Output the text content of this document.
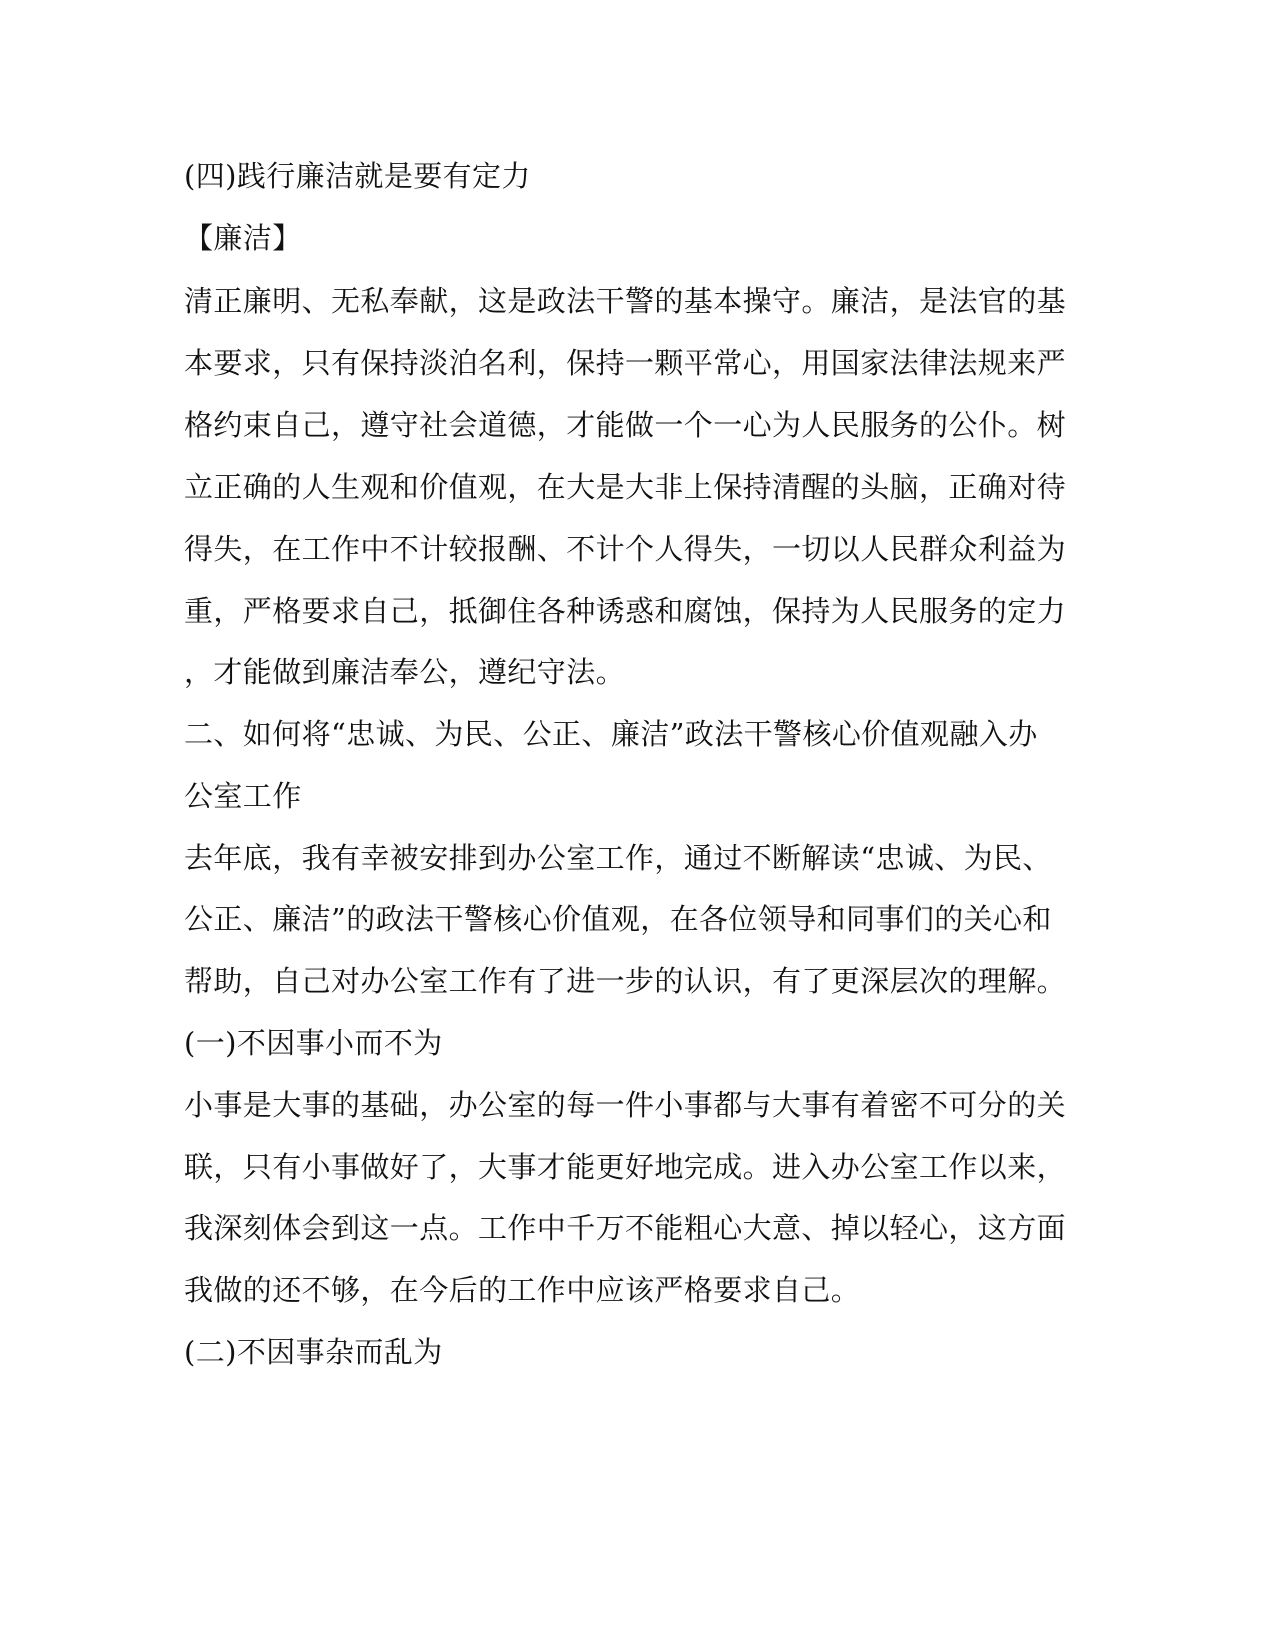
(四)践行廉洁就是要有定力
【廉洁】
清正廉明、无私奉献，这是政法干警的基本操守。廉洁，是法官的基
本要求，只有保持淡泊名利，保持一颗平常心，用国家法律法规来严
格约束自己，遵守社会道德，才能做一个一心为人民服务的公仆。树
立正确的人生观和价值观，在大是大非上保持清醒的头脑，正确对待
得失，在工作中不计较报酬、不计个人得失，一切以人民群众利益为
重，严格要求自己，抵御住各种诱惑和腐蚀，保持为人民服务的定力
，才能做到廉洁奉公，遵纪守法。
二、如何将“忠诚、为民、公正、廉洁”政法干警核心价值观融入办
公室工作
去年底，我有幸被安排到办公室工作，通过不断解读“忠诚、为民、
公正、廉洁”的政法干警核心价值观，在各位领导和同事们的关心和
帮助，自己对办公室工作有了进一步的认识，有了更深层次的理解。
(一)不因事小而不为
小事是大事的基础，办公室的每一件小事都与大事有着密不可分的关
联，只有小事做好了，大事才能更好地完成。进入办公室工作以来，
我深刻体会到这一点。工作中千万不能粗心大意、掉以轻心，这方面
我做的还不够，在今后的工作中应该严格要求自己。
(二)不因事杂而乱为
